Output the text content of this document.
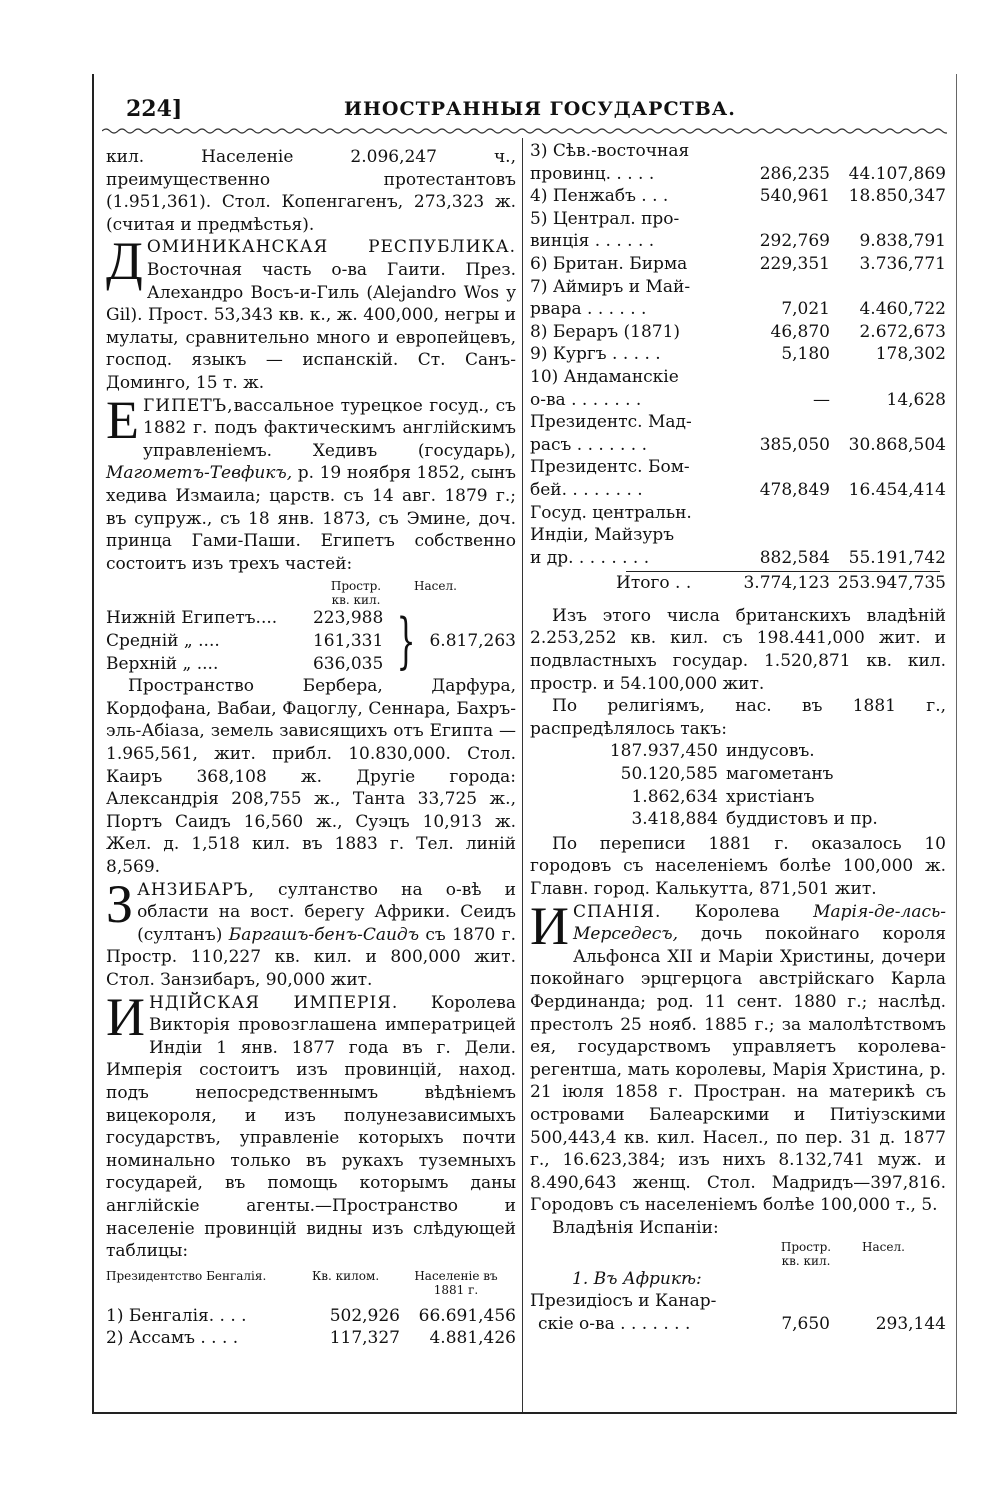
224]	ИНОСТРАННЫЯ ГОСУДАРСТВА.

кил. Населеніе 2.096,247 ч., преимущественно протестантовъ (1.951,361). Стол. Копенгагенъ, 273,323 ж. (считая и предмѣстья).

ДОМИНИКАНСКАЯ РЕСПУБЛИКА. Восточная часть о-ва Гаити. През. Алехандро Восъ-и-Гиль (Alejandro Wos y Gil). Прост. 53,343 кв. к., ж. 400,000, негры и мулаты, сравнительно много и европейцевъ, господ. языкъ — испанскій. Ст. Санъ-Доминго, 15 т. ж.

ЕГИПЕТЪ,вассальное турецкое госуд., съ 1882 г. подъ фактическимъ англійскимъ управленіемъ. Хедивъ (государь), Магометъ-Тевфикъ, р. 19 ноября 1852, сынъ хедива Измаила; царств. съ 14 авг. 1879 г.; въ супруж., съ 18 янв. 1873, съ Эмине, доч. принца Гами-Паши. Египетъ собственно состоитъ изъ трехъ частей:

Простр. кв. кил.
Насел.
Нижній Египетъ....	223,988
Средній „ ....	161,331
Верхній „ ....	636,035 } 6.817,263

Пространство Бербера, Дарфура, Кордофана, Вабаи, Фацоглу, Сеннара, Бахръ-эль-Абіаза, земель зависящихъ отъ Египта — 1.965,561, жит. прибл. 10.830,000. Стол. Каиръ 368,108 ж. Другіе города: Александрія 208,755 ж., Танта 33,725 ж., Портъ Саидъ 16,560 ж., Суэцъ 10,913 ж. Жел. д. 1,518 кил. въ 1883 г. Тел. линій 8,569.

ЗАНЗИБАРЪ, султанство на о-вѣ и области на вост. берегу Африки. Сеидъ (султанъ) Баргашъ-бенъ-Саидъ съ 1870 г. Простр. 110,227 кв. кил. и 800,000 жит. Стол. Занзибаръ, 90,000 жит.

ИНДІЙСКАЯ ИМПЕРІЯ. Королева Викторія провозглашена императрицей Индіи 1 янв. 1877 года въ г. Дели. Имперія состоитъ изъ провинцій, наход. подъ непосредственнымъ вѣдѣніемъ вицекороля, и изъ полунезависимыхъ государствъ, управленіе которыхъ почти номинально только въ рукахъ туземныхъ государей, въ помощь которымъ даны англійскіе агенты.—Пространство и населеніе провинцій видны изъ слѣдующей таблицы:

Президентство Бенгалія.	Кв. килом.	Населеніе въ 1881 г.
1) Бенгалія. . . .	502,926	66.691,456
2) Ассамъ . . . .	117,327	4.881,426
3) Сѣв.-восточная
провинц. . . . .	286,235	44.107,869
4) Пенжабъ . . .	540,961	18.850,347
5) Централ. про-
винція . . . . . .	292,769	9.838,791
6) Британ. Бирма	229,351	3.736,771
7) Аймиръ и Май-
рвара . . . . . .	7,021	4.460,722
8) Бераръ (1871)	46,870	2.672,673
9) Кургъ . . . . .	5,180	178,302
10) Андаманскіе
о-ва . . . . . . .	—	14,628
Президентс. Мад-
расъ . . . . . . .	385,050	30.868,504
Президентс. Бом-
бей. . . . . . . .	478,849	16.454,414
Госуд. центральн.
Индіи, Майзуръ
и др. . . . . . . .	882,584	55.191,742
Итого . .	3.774,123 253.947,735

Изъ этого числа британскихъ владѣній 2.253,252 кв. кил. съ 198.441,000 жит. и подвластныхъ государ. 1.520,871 кв. кил. простр. и 54.100,000 жит.

По религіямъ, нас. въ 1881 г., распредѣлялось такъ:

187.937,450 индусовъ.
50.120,585 магометанъ
1.862,634 христіанъ
3.418,884 буддистовъ и пр.

По переписи 1881 г. оказалось 10 городовъ съ населеніемъ болѣе 100,000 ж. Главн. город. Калькутта, 871,501 жит.

ИСПАНІЯ. Королева Марія-де-лась-Мерседесъ, дочь покойнаго короля Альфонса XII и Маріи Христины, дочери покойнаго эрцгерцога австрійскаго Карла Фердинанда; род. 11 сент. 1880 г.; наслѣд. престолъ 25 нояб. 1885 г.; за малолѣтствомъ ея, государствомъ управляетъ королева-регентша, мать королевы, Марія Христина, р. 21 іюля 1858 г. Простран. на материкѣ съ островами Балеарскими и Питіузскими 500,443,4 кв. кил. Насел., по пер. 31 д. 1877 г., 16.623,384; изъ нихъ 8.132,741 муж. и 8.490,643 женщ. Стол. Мадридъ—397,816. Городовъ съ населеніемъ болѣе 100,000 т., 5.

Владѣнія Испаніи:

Простр. кв. кил.
Насел.

1. Въ Африкѣ:

Президіосъ и Канар-
скіе о-ва . . . . . . .	7,650	293,144
